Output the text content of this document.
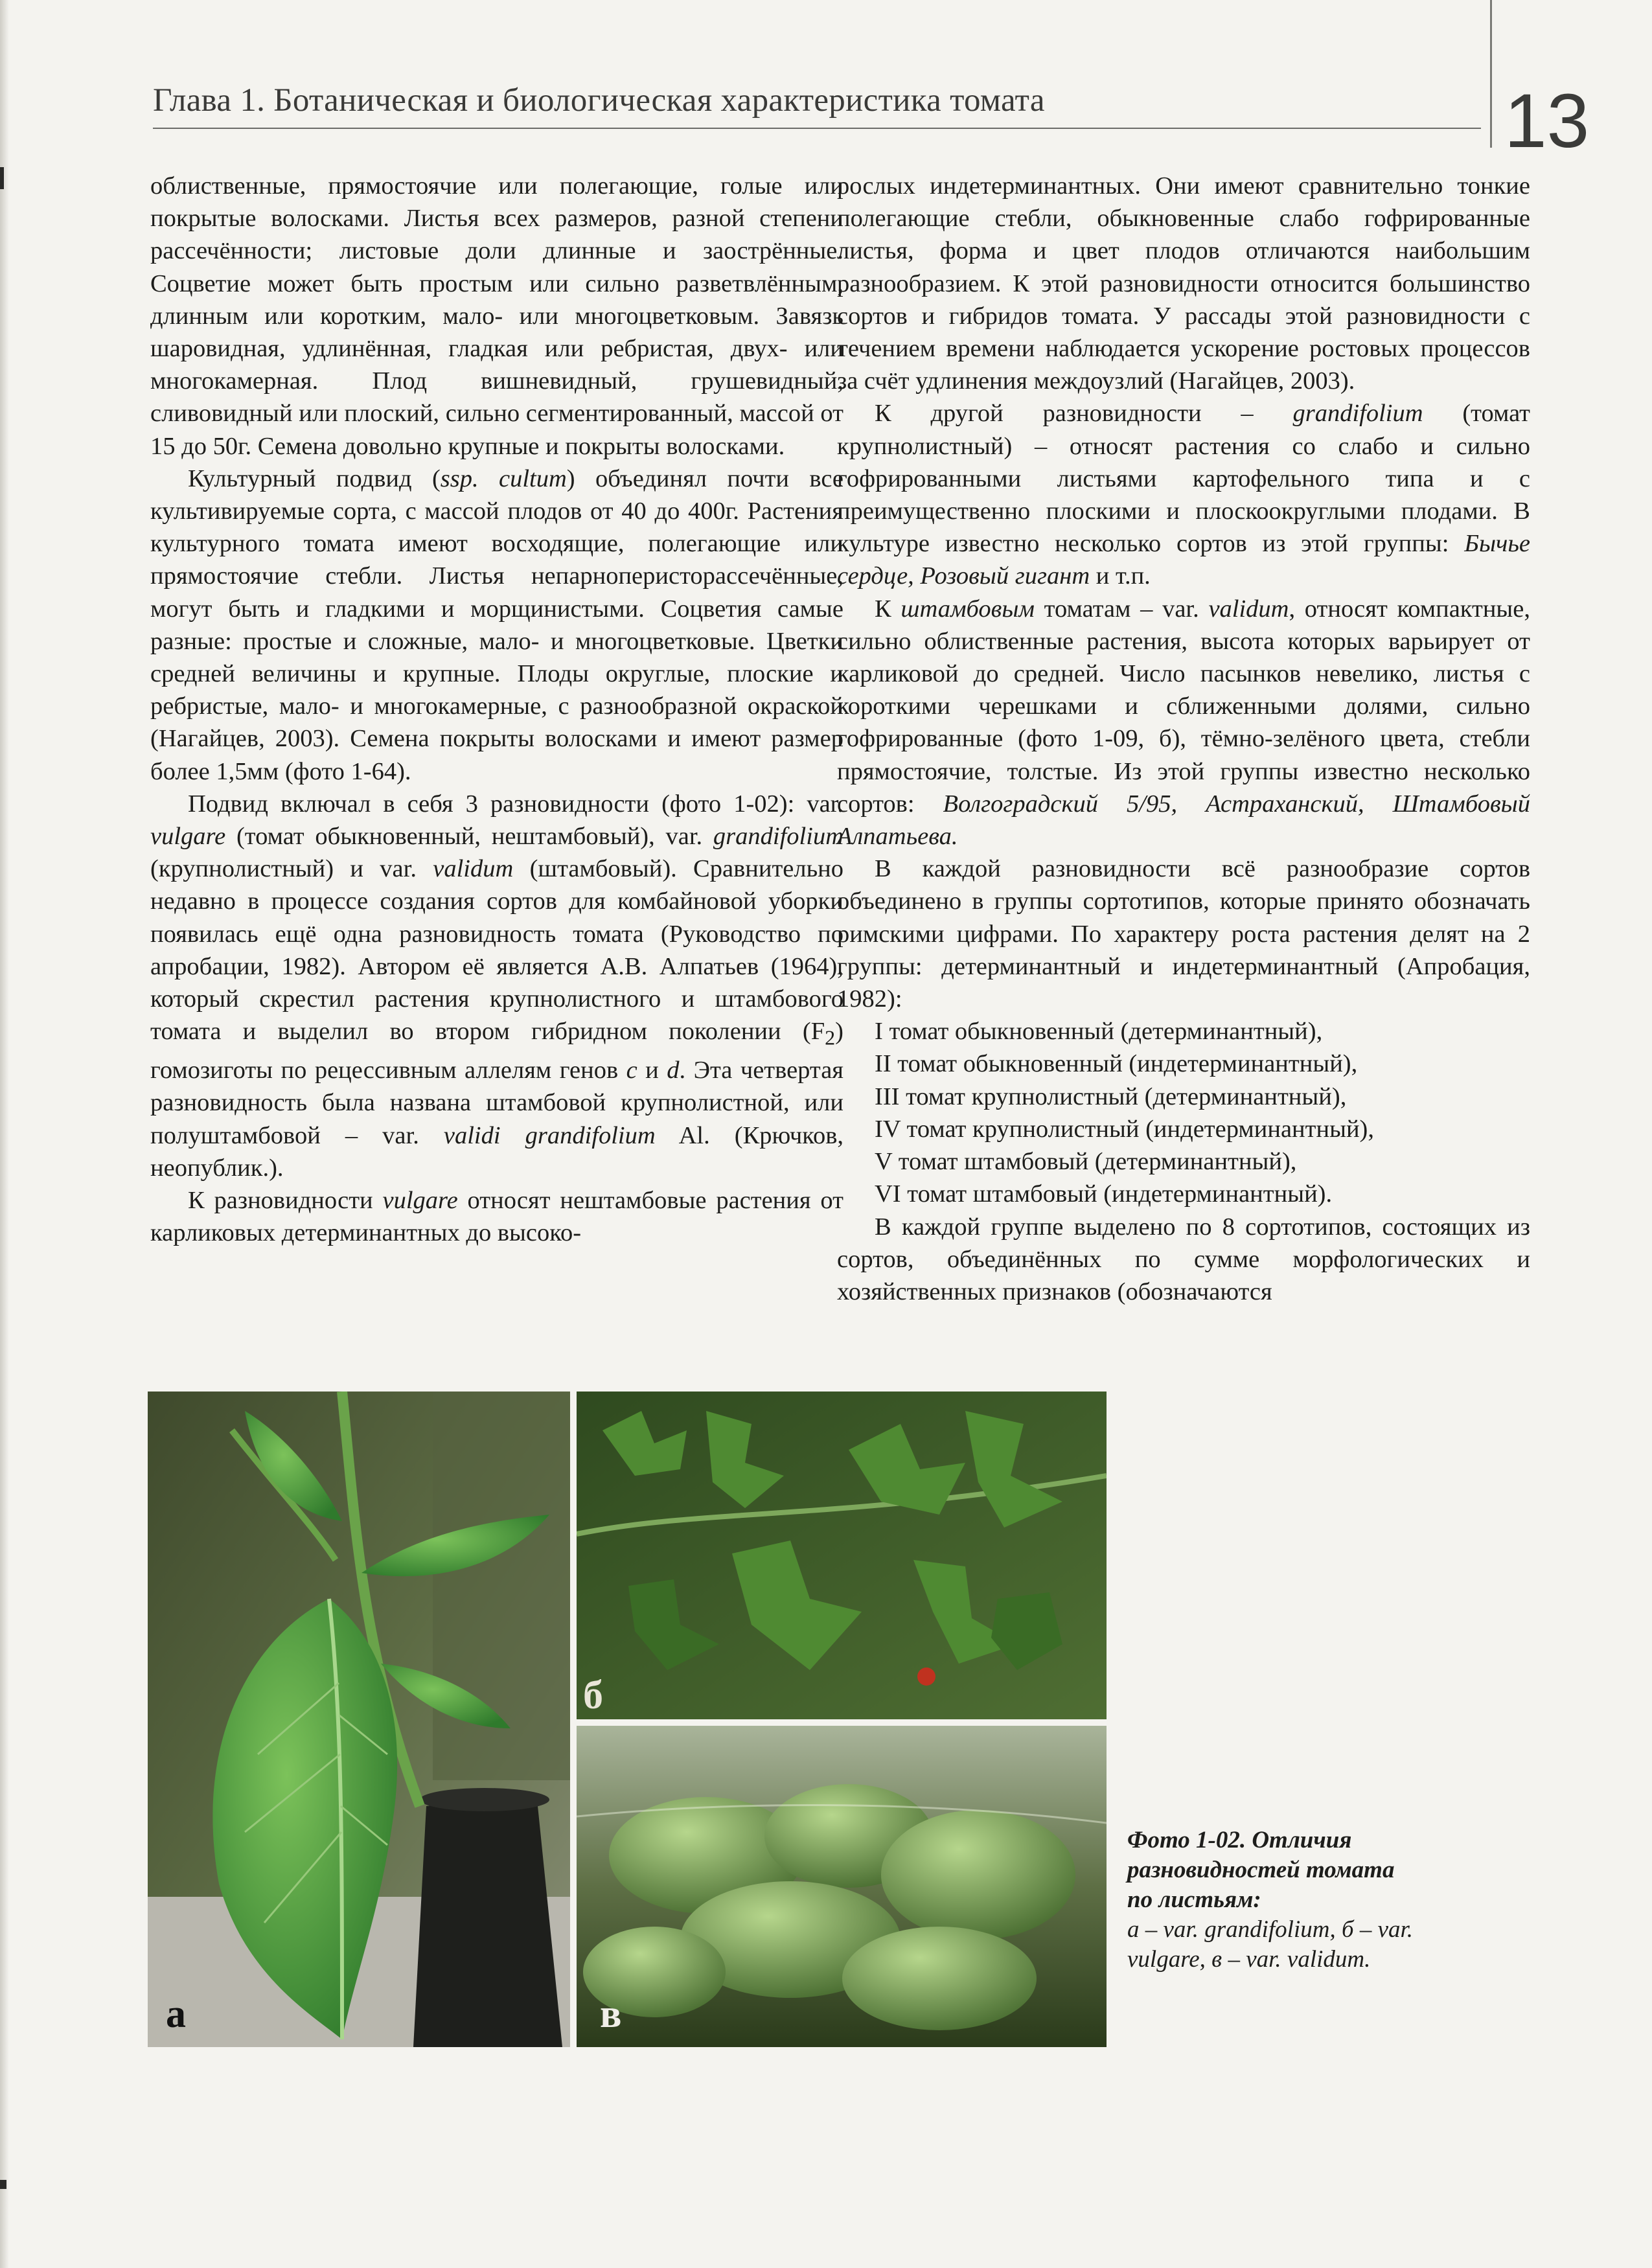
Глава 1. Ботаническая и биологическая характеристика томата	13

облиственные, прямостоячие или полегающие, голые или покрытые волосками. Листья всех размеров, разной степени рассечённости; листовые доли длинные и заострённые. Соцветие может быть простым или сильно разветвлённым, длинным или коротким, мало- или многоцветковым. Завязь шаровидная, удлинённая, гладкая или ребристая, двух- или многокамерная. Плод вишневидный, грушевидный, сливовидный или плоский, сильно сегментированный, массой от 15 до 50г. Семена довольно крупные и покрыты волосками.

Культурный подвид (ssp. cultum) объединял почти все культивируемые сорта, с массой плодов от 40 до 400г. Растения культурного томата имеют восходящие, полегающие или прямостоячие стебли. Листья непарноперисторассечённые, могут быть и гладкими и морщинистыми. Соцветия самые разные: простые и сложные, мало- и многоцветковые. Цветки средней величины и крупные. Плоды округлые, плоские и ребристые, мало- и многокамерные, с разнообразной окраской (Нагайцев, 2003). Семена покрыты волосками и имеют размер более 1,5мм (фото 1-64).

Подвид включал в себя 3 разновидности (фото 1-02): var. vulgare (томат обыкновенный, нештамбовый), var. grandifolium (крупнолистный) и var. validum (штамбовый). Сравнительно недавно в процессе создания сортов для комбайновой уборки появилась ещё одна разновидность томата (Руководство по апробации, 1982). Автором её является А.В. Алпатьев (1964), который скрестил растения крупнолистного и штамбового томата и выделил во втором гибридном поколении $(F_2)$ гомозиготы по рецессивным аллелям генов c и d. Эта четвертая разновидность была названа штамбовой крупнолистной, или полуштамбовой – var. validi grandifolium Al. (Крючков, неопублик.).

К разновидности vulgare относят нештамбовые растения от карликовых детерминантных до высоко-

рослых индетерминантных. Они имеют сравнительно тонкие полегающие стебли, обыкновенные слабо гофрированные листья, форма и цвет плодов отличаются наибольшим разнообразием. К этой разновидности относится большинство сортов и гибридов томата. У рассады этой разновидности с течением времени наблюдается ускорение ростовых процессов за счёт удлинения междоузлий (Нагайцев, 2003).

К другой разновидности – grandifolium (томат крупнолистный) – относят растения со слабо и сильно гофрированными листьями картофельного типа и с преимущественно плоскими и плоскоокруглыми плодами. В культуре известно несколько сортов из этой группы: Бычье сердце, Розовый гигант и т.п.

К штамбовым томатам – var. validum, относят компактные, сильно облиственные растения, высота которых варьирует от карликовой до средней. Число пасынков невелико, листья с короткими черешками и сближенными долями, сильно гофрированные (фото 1-09, б), тёмно-зелёного цвета, стебли прямостоячие, толстые. Из этой группы известно несколько сортов: Волгоградский 5/95, Астраханский, Штамбовый Алпатьева.

В каждой разновидности всё разнообразие сортов объединено в группы сортотипов, которые принято обозначать римскими цифрами. По характеру роста растения делят на 2 группы: детерминантный и индетерминантный (Апробация, 1982):

I томат обыкновенный (детерминантный),

II томат обыкновенный (индетерминантный),

III томат крупнолистный (детерминантный),

IV томат крупнолистный (индетерминантный),

V томат штамбовый (детерминантный),

VI томат штамбовый (индетерминантный).

В каждой группе выделено по 8 сортотипов, состоящих из сортов, объединённых по сумме морфологических и хозяйственных признаков (обозначаются

а
б
в
Фото 1-02. Отличия разновидностей томата по листьям:
а – var. grandifolium, б – var. vulgare, в – var. validum.
